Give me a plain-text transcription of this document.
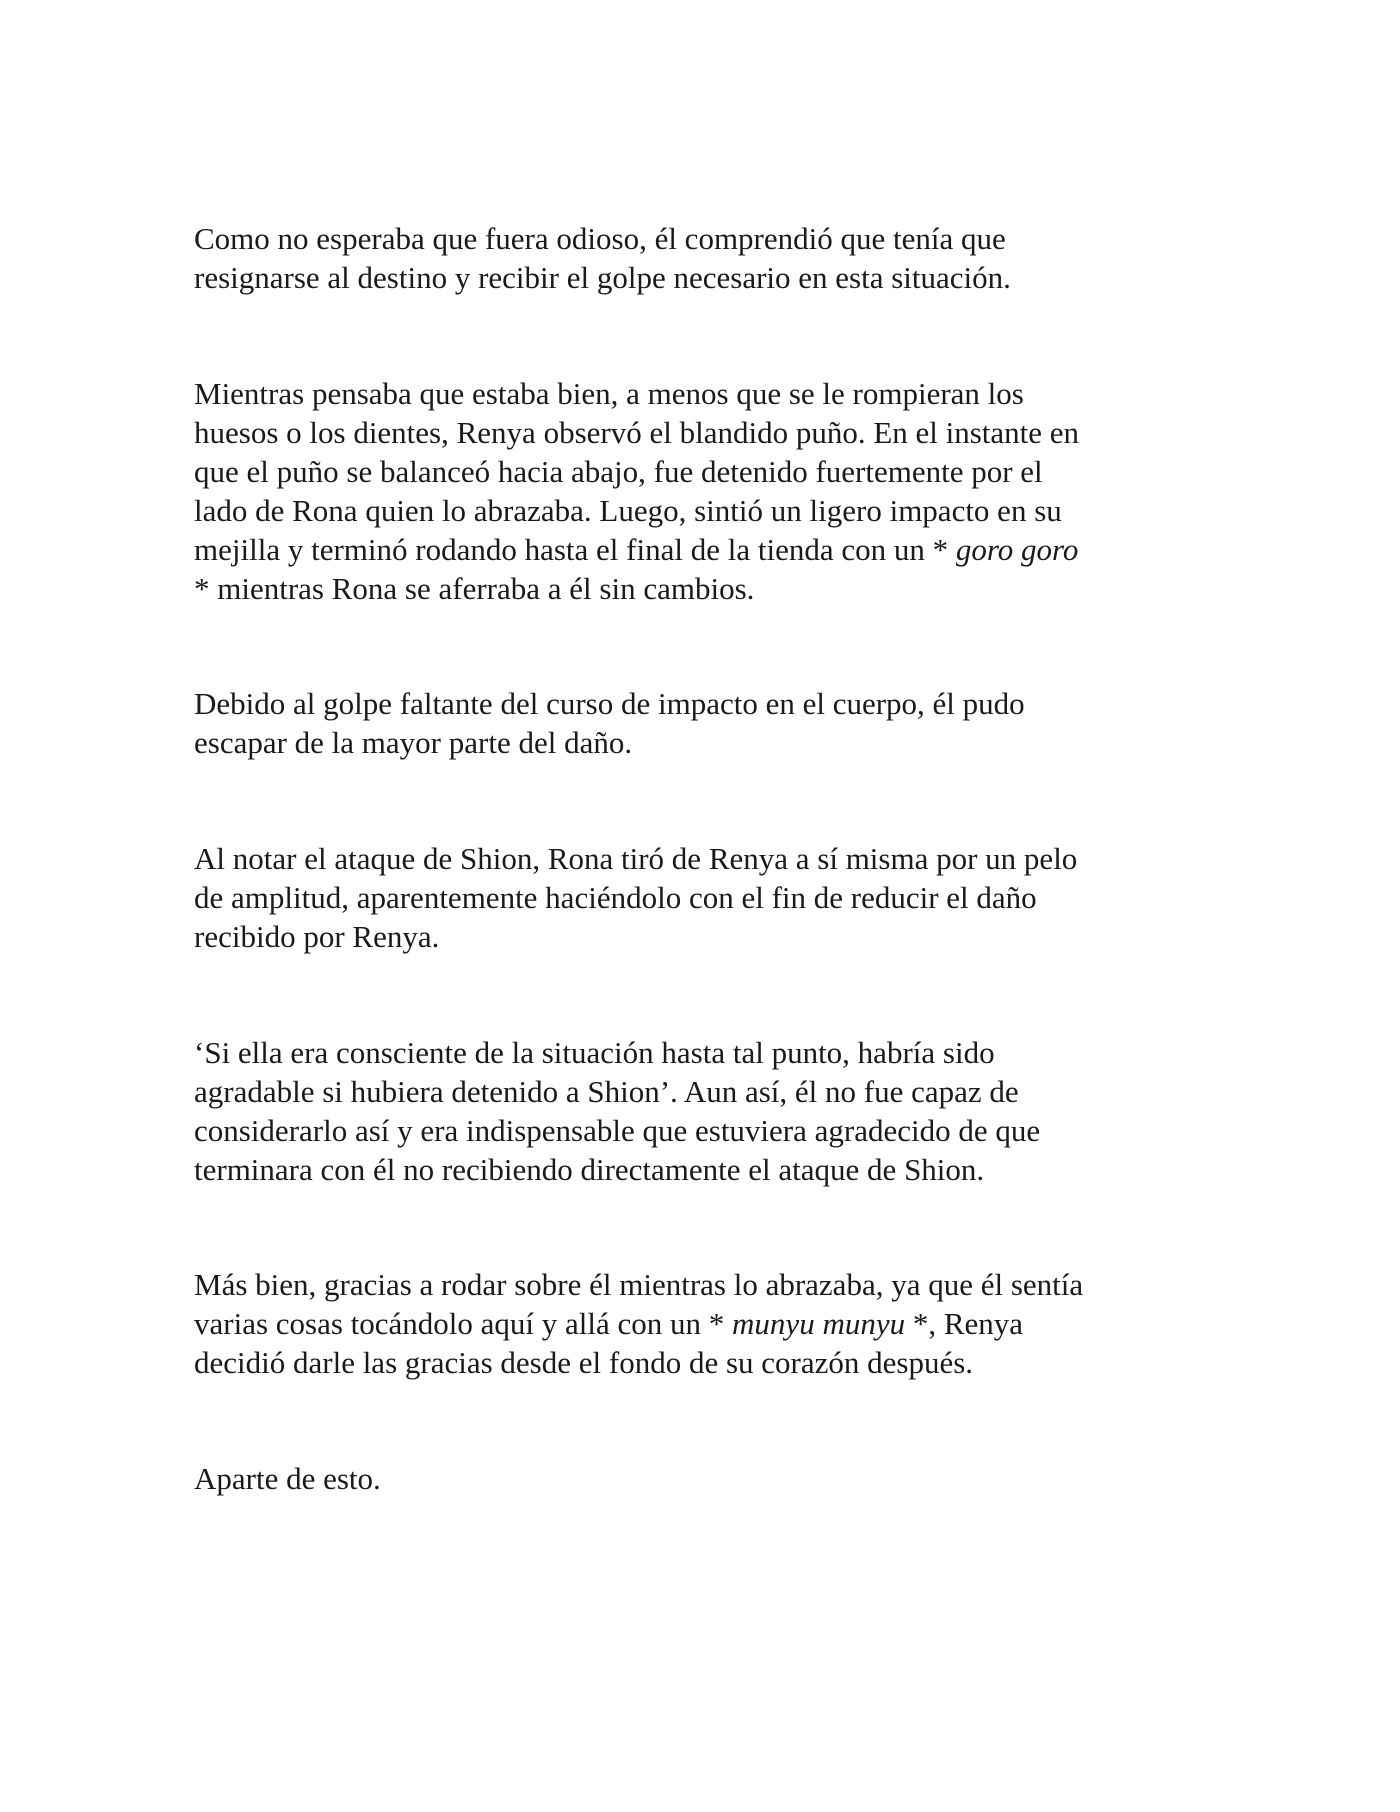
Como no esperaba que fuera odioso, él comprendió que tenía que
resignarse al destino y recibir el golpe necesario en esta situación.

Mientras pensaba que estaba bien, a menos que se le rompieran los
huesos o los dientes, Renya observó el blandido puño. En el instante en
que el puño se balanceó hacia abajo, fue detenido fuertemente por el
lado de Rona quien lo abrazaba. Luego, sintió un ligero impacto en su
mejilla y terminó rodando hasta el final de la tienda con un * goro goro
* mientras Rona se aferraba a él sin cambios.

Debido al golpe faltante del curso de impacto en el cuerpo, él pudo
escapar de la mayor parte del daño.

Al notar el ataque de Shion, Rona tiró de Renya a sí misma por un pelo
de amplitud, aparentemente haciéndolo con el fin de reducir el daño
recibido por Renya.

‘Si ella era consciente de la situación hasta tal punto, habría sido
agradable si hubiera detenido a Shion’. Aun así, él no fue capaz de
considerarlo así y era indispensable que estuviera agradecido de que
terminara con él no recibiendo directamente el ataque de Shion.

Más bien, gracias a rodar sobre él mientras lo abrazaba, ya que él sentía
varias cosas tocándolo aquí y allá con un * munyu munyu *, Renya
decidió darle las gracias desde el fondo de su corazón después.

Aparte de esto.
